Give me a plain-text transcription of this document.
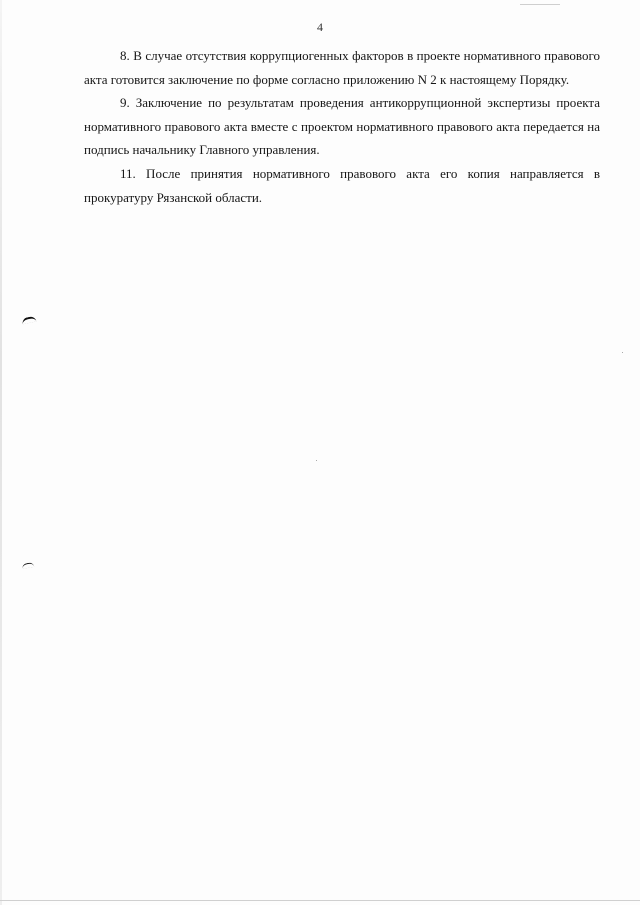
4

8. В случае отсутствия коррупциогенных факторов в проекте нормативного правового акта готовится заключение по форме согласно приложению N 2 к настоящему Порядку.

9. Заключение по результатам проведения антикоррупционной экспертизы проекта нормативного правового акта вместе с проектом нормативного правового акта передается на подпись начальнику Главного управления.

11. После принятия нормативного правового акта его копия направляется в прокуратуру Рязанской области.
